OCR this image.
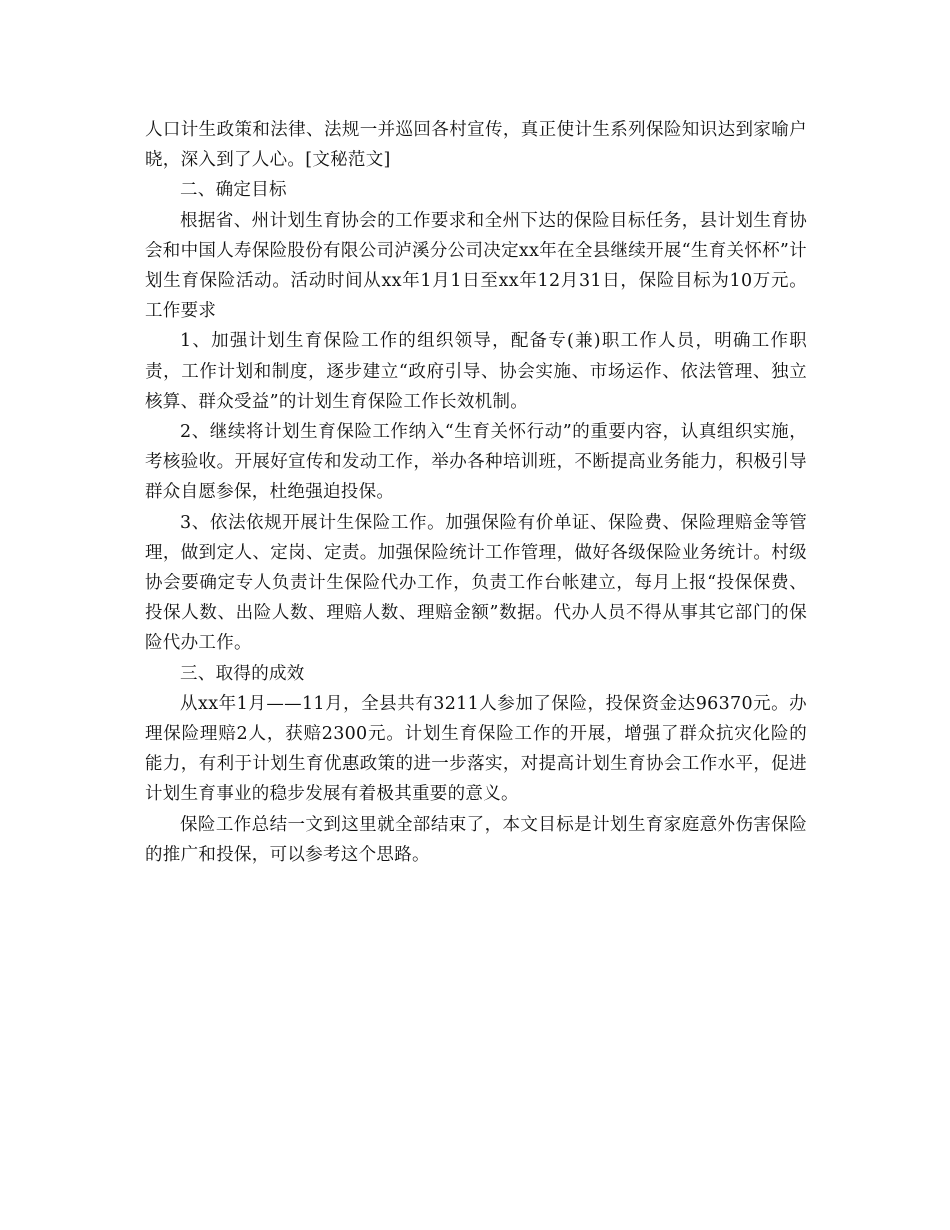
人口计生政策和法律、法规一并巡回各村宣传，真正使计生系列保险知识达到家喻户晓，深入到了人心。[文秘范文]

二、确定目标

根据省、州计划生育协会的工作要求和全州下达的保险目标任务，县计划生育协会和中国人寿保险股份有限公司泸溪分公司决定xx年在全县继续开展“生育关怀杯”计划生育保险活动。活动时间从xx年1月1日至xx年12月31日，保险目标为10万元。工作要求

1、加强计划生育保险工作的组织领导，配备专(兼)职工作人员，明确工作职责，工作计划和制度，逐步建立“政府引导、协会实施、市场运作、依法管理、独立核算、群众受益”的计划生育保险工作长效机制。

2、继续将计划生育保险工作纳入“生育关怀行动”的重要内容，认真组织实施，考核验收。开展好宣传和发动工作，举办各种培训班，不断提高业务能力，积极引导群众自愿参保，杜绝强迫投保。

3、依法依规开展计生保险工作。加强保险有价单证、保险费、保险理赔金等管理，做到定人、定岗、定责。加强保险统计工作管理，做好各级保险业务统计。村级协会要确定专人负责计生保险代办工作，负责工作台帐建立，每月上报“投保保费、投保人数、出险人数、理赔人数、理赔金额”数据。代办人员不得从事其它部门的保险代办工作。

三、取得的成效

从xx年1月——11月，全县共有3211人参加了保险，投保资金达96370元。办理保险理赔2人，获赔2300元。计划生育保险工作的开展，增强了群众抗灾化险的能力，有利于计划生育优惠政策的进一步落实，对提高计划生育协会工作水平，促进计划生育事业的稳步发展有着极其重要的意义。

保险工作总结一文到这里就全部结束了，本文目标是计划生育家庭意外伤害保险的推广和投保，可以参考这个思路。
